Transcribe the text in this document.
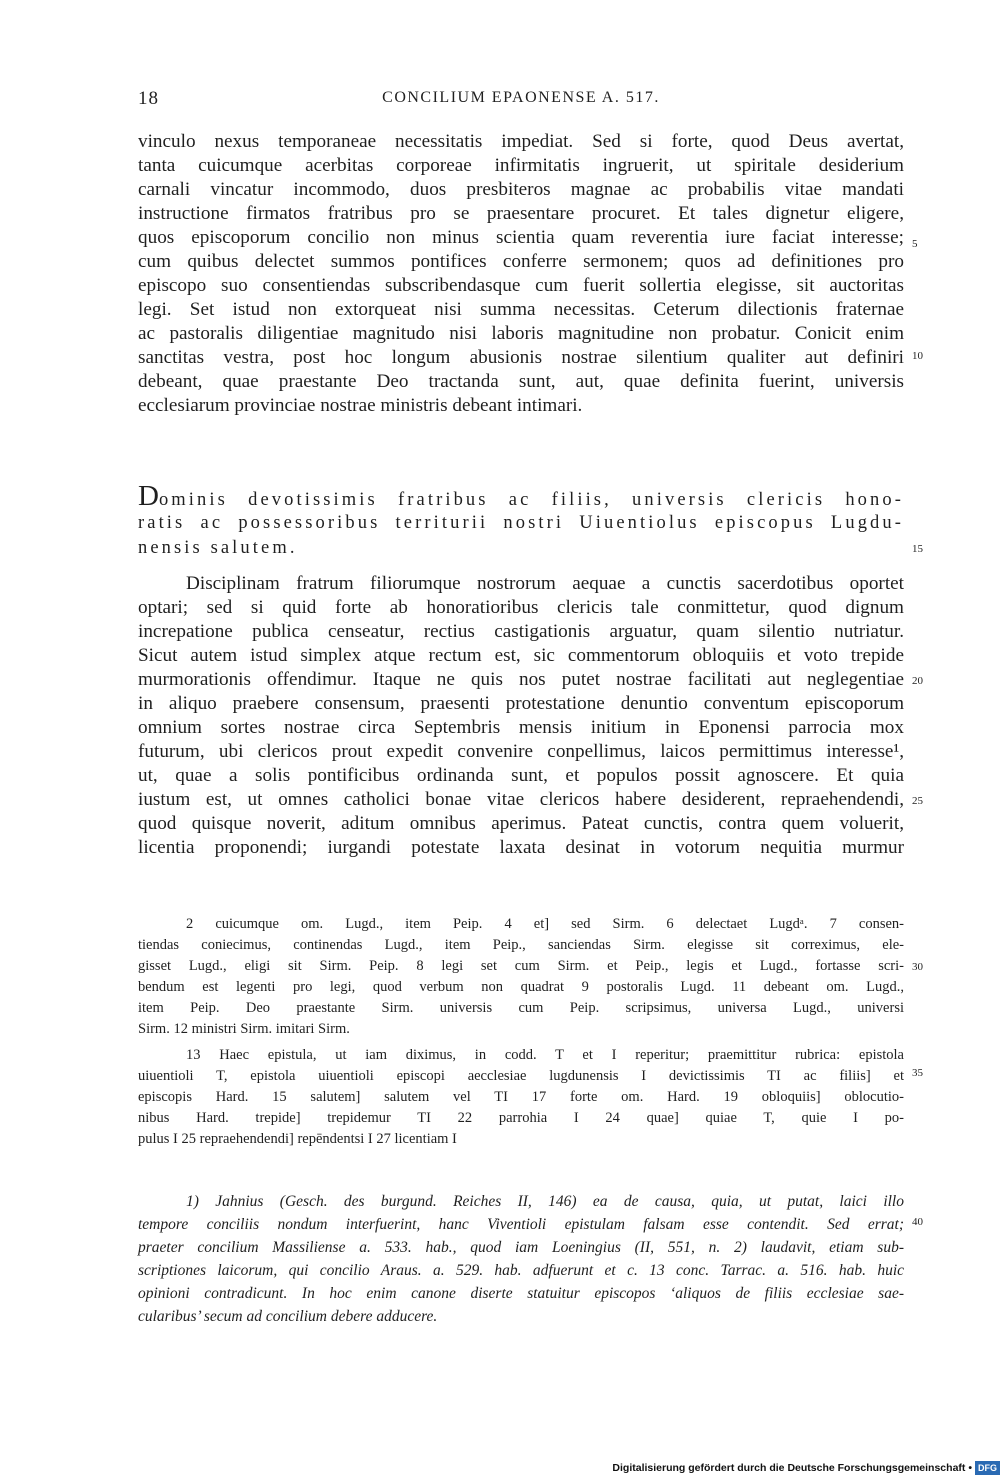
18	CONCILIUM EPAONENSE A. 517.
vinculo nexus temporaneae necessitatis impediat. Sed si forte, quod Deus avertat,
tanta cuicumque acerbitas corporeae infirmitatis ingruerit, ut spiritale desiderium
carnali vincatur incommodo, duos presbiteros magnae ac probabilis vitae mandati
instructione firmatos fratribus pro se praesentare procuret. Et tales dignetur eligere,
quos episcoporum concilio non minus scientia quam reverentia iure faciat interesse;
cum quibus delectet summos pontifices conferre sermonem; quos ad definitiones pro
episcopo suo consentiendas subscribendasque cum fuerit sollertia elegisse, sit auctoritas
legi. Set istud non extorqueat nisi summa necessitas. Ceterum dilectionis fraternae
ac pastoralis diligentiae magnitudo nisi laboris magnitudine non probatur. Conicit enim
sanctitas vestra, post hoc longum abusionis nostrae silentium qualiter aut definiri
debeant, quae praestante Deo tractanda sunt, aut, quae definita fuerint, universis
ecclesiarum provinciae nostrae ministris debeant intimari.
Dominis devotissimis fratribus ac filiis, universis clericis hono-
ratis ac possessoribus territurii nostri Uiuentiolus episcopus Lugdu-
nensis salutem.
Disciplinam fratrum filiorumque nostrorum aequae a cunctis sacerdotibus oportet
optari; sed si quid forte ab honoratioribus clericis tale conmittetur, quod dignum
increpatione publica censeatur, rectius castigationis arguatur, quam silentio nutriatur.
Sicut autem istud simplex atque rectum est, sic commentorum obloquiis et voto trepide
murmorationis offendimur. Itaque ne quis nos putet nostrae facilitati aut neglegentiae
in aliquo praebere consensum, praesenti protestatione denuntio conventum episcoporum
omnium sortes nostrae circa Septembris mensis initium in Eponensi parrocia mox
futurum, ubi clericos prout expedit convenire conpellimus, laicos permittimus interesse¹,
ut, quae a solis pontificibus ordinanda sunt, et populos possit agnoscere. Et quia
iustum est, ut omnes catholici bonae vitae clericos habere desiderent, repraehendendi,
quod quisque noverit, aditum omnibus aperimus. Pateat cunctis, contra quem voluerit,
licentia proponendi; iurgandi potestate laxata desinat in votorum nequitia murmur
2 cuicumque om. Lugd., item Peip. 4 et] sed Sirm. 6 delectaet Lugdᵃ. 7 consen-
tiendas coniecimus, continendas Lugd., item Peip., sanciendas Sirm. elegisse sit correximus, ele-
gisset Lugd., eligi sit Sirm. Peip. 8 legi set cum Sirm. et Peip., legis et Lugd., fortasse scri-
bendum est legenti pro legi, quod verbum non quadrat 9 postoralis Lugd. 11 debeant om. Lugd.,
item Peip. Deo praestante Sirm. universis cum Peip. scripsimus, universa Lugd., universi
Sirm. 12 ministri Sirm. imitari Sirm.
13 Haec epistula, ut iam diximus, in codd. T et I reperitur; praemittitur rubrica: epistola
uiuentioli T, epistola uiuentioli episcopi aecclesiae lugdunensis I devictissimis TI ac filiis] et
episcopis Hard. 15 salutem] salutem vel TI 17 forte om. Hard. 19 obloquiis] oblocutio-
nibus Hard. trepide] trepidemur TI 22 parrohia I 24 quae] quiae T, quie I po-
pulus I 25 repraehendendi] repēndentsi I 27 licentiam I
1) Jahnius (Gesch. des burgund. Reiches II, 146) ea de causa, quia, ut putat, laici illo
tempore conciliis nondum interfuerint, hanc Viventioli epistulam falsam esse contendit. Sed errat;
praeter concilium Massiliense a. 533. hab., quod iam Loeningius (II, 551, n. 2) laudavit, etiam sub-
scriptiones laicorum, qui concilio Araus. a. 529. hab. adfuerunt et c. 13 conc. Tarrac. a. 516. hab. huic
opinioni contradicunt. In hoc enim canone diserte statuitur episcopos ‘aliquos de filiis ecclesiae sae-
cularibus’ secum ad concilium debere adducere.
5
10
15
20
25
30
35
40
Digitalisierung gefördert durch die Deutsche Forschungsgemeinschaft • DFG
